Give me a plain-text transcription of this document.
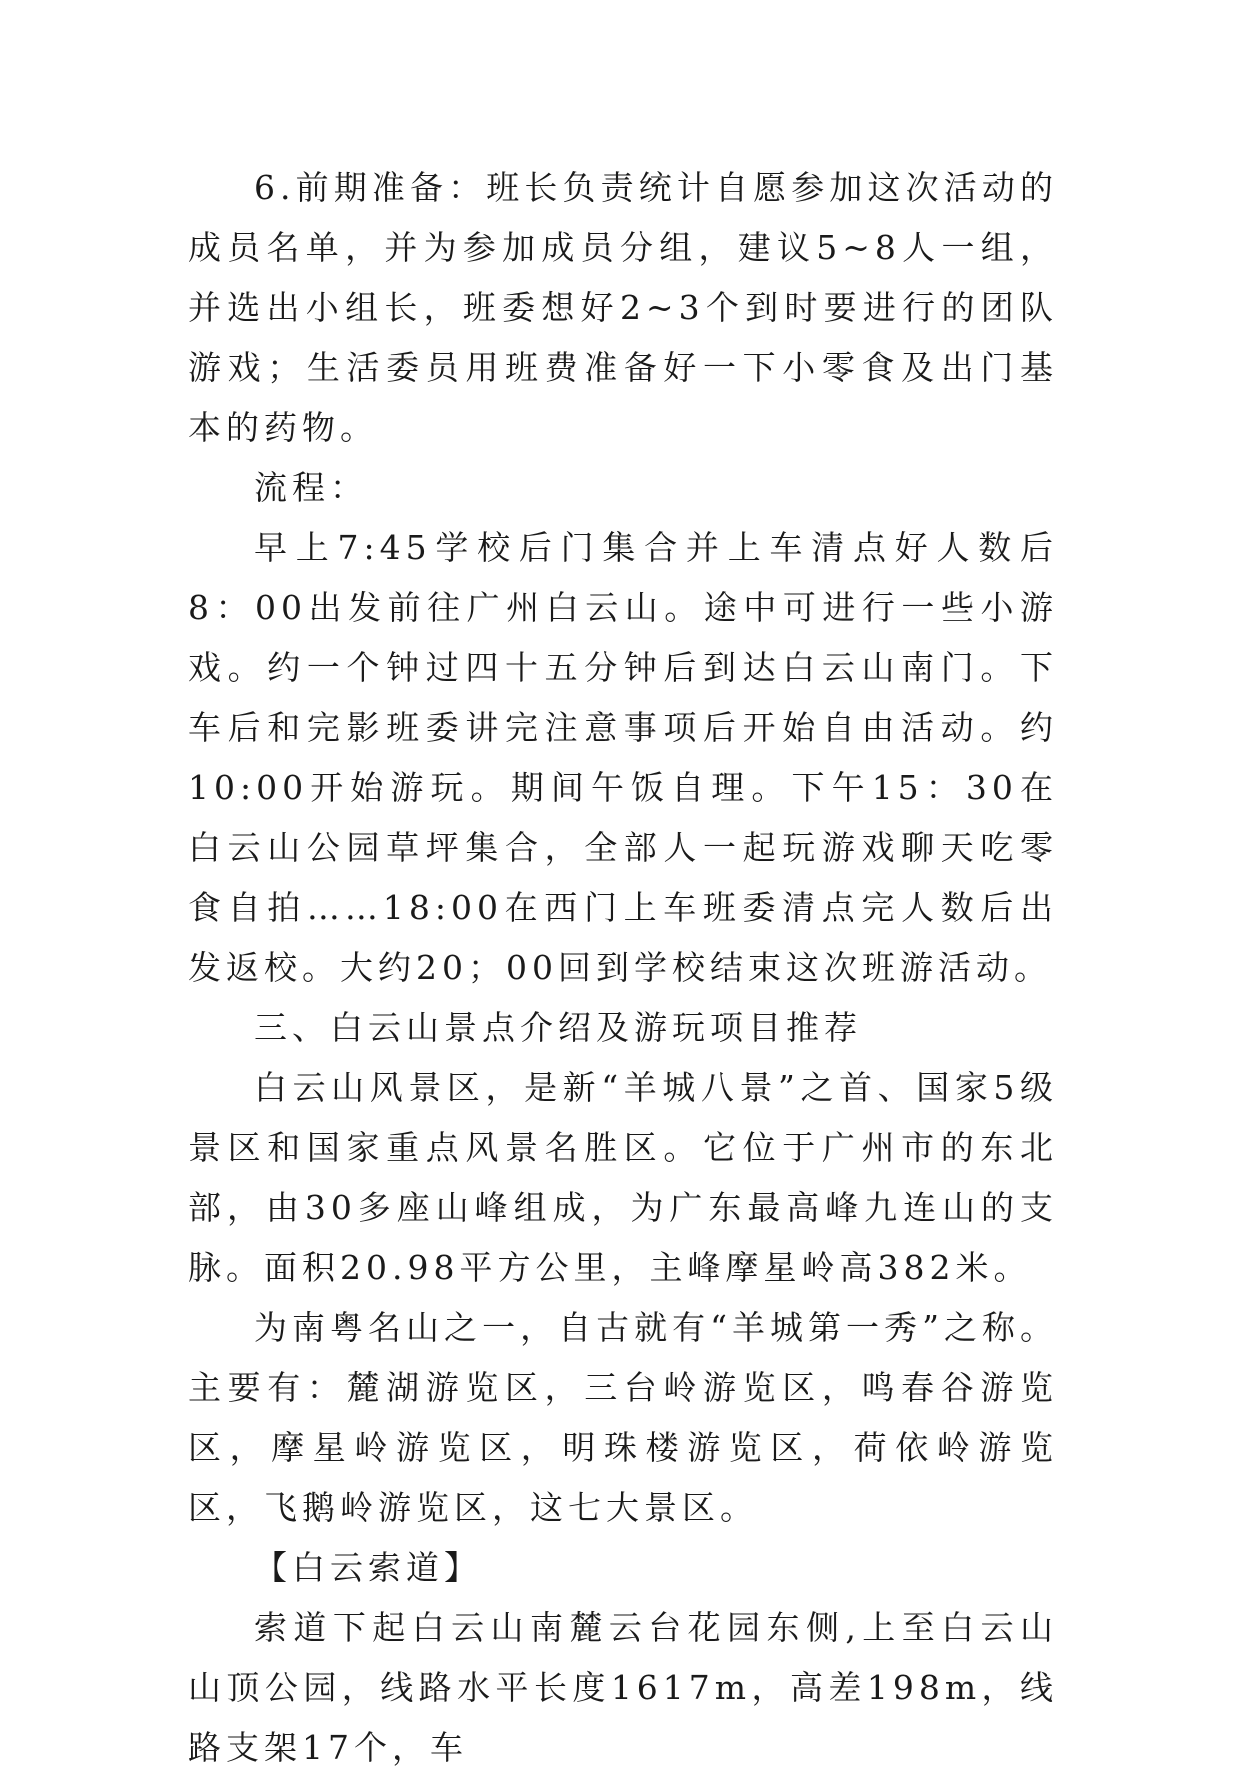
6.前期准备：班长负责统计自愿参加这次活动的成员名单，并为参加成员分组，建议5~8人一组，并选出小组长，班委想好2~3个到时要进行的团队游戏；生活委员用班费准备好一下小零食及出门基本的药物。

流程：

早上7:45学校后门集合并上车清点好人数后8：00出发前往广州白云山。途中可进行一些小游戏。约一个钟过四十五分钟后到达白云山南门。下车后和完影班委讲完注意事项后开始自由活动。约10:00开始游玩。期间午饭自理。下午15：30在白云山公园草坪集合，全部人一起玩游戏聊天吃零食自拍……18:00在西门上车班委清点完人数后出发返校。大约20；00回到学校结束这次班游活动。

三、白云山景点介绍及游玩项目推荐

白云山风景区，是新“羊城八景”之首、国家5级景区和国家重点风景名胜区。它位于广州市的东北部，由30多座山峰组成，为广东最高峰九连山的支脉。面积20.98平方公里，主峰摩星岭高382米。

为南粤名山之一，自古就有“羊城第一秀”之称。主要有：麓湖游览区，三台岭游览区，鸣春谷游览区，摩星岭游览区，明珠楼游览区，荷依岭游览区，飞鹅岭游览区，这七大景区。

【白云索道】

索道下起白云山南麓云台花园东侧,上至白云山山顶公园，线路水平长度1617m，高差198m，线路支架17个，车
